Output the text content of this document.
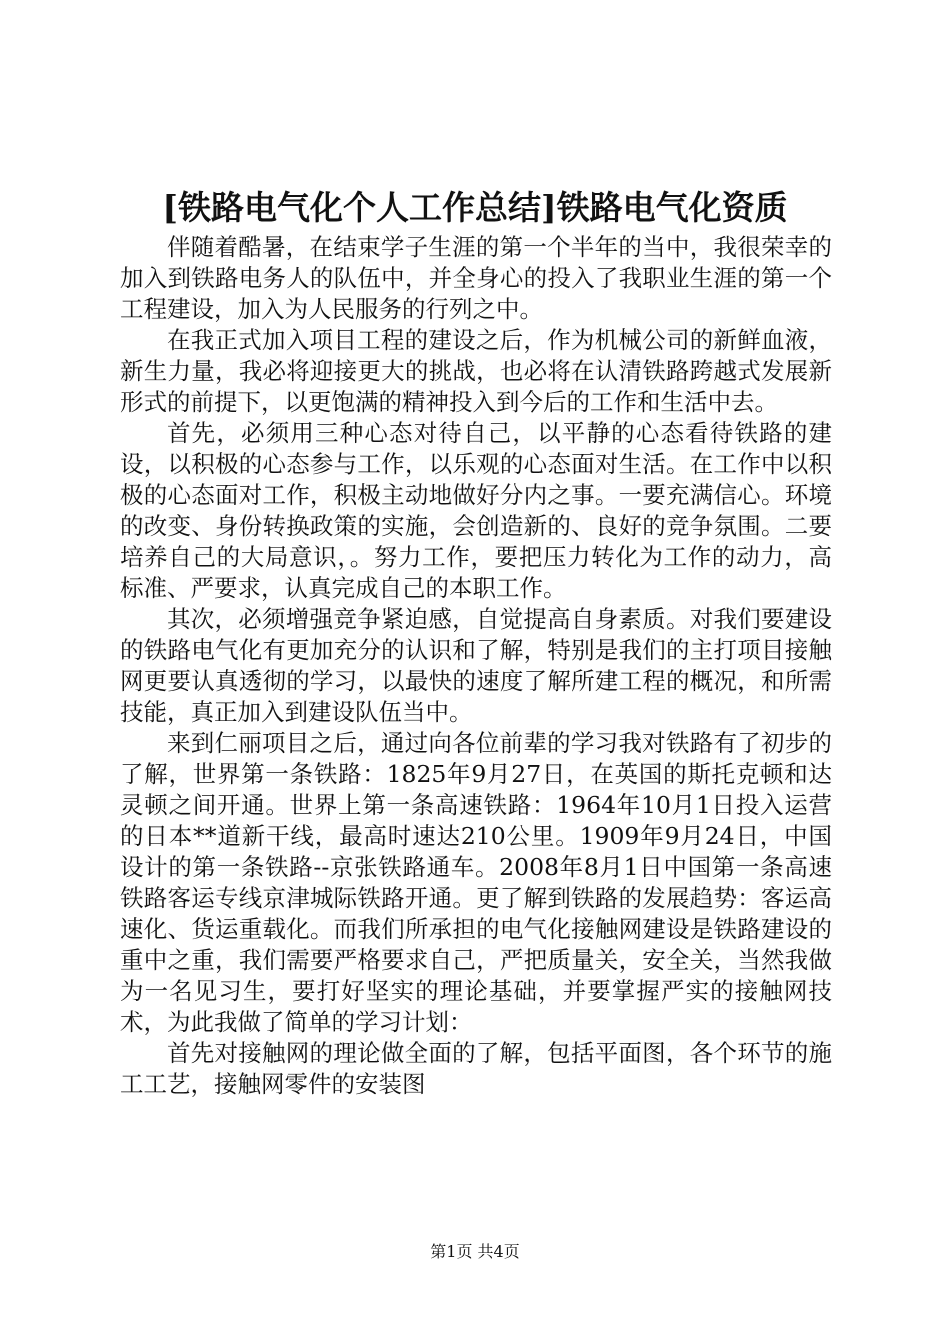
[铁路电气化个人工作总结]铁路电气化资质

伴随着酷暑，在结束学子生涯的第一个半年的当中，我很荣幸的加入到铁路电务人的队伍中，并全身心的投入了我职业生涯的第一个工程建设，加入为人民服务的行列之中。

在我正式加入项目工程的建设之后，作为机械公司的新鲜血液，新生力量，我必将迎接更大的挑战，也必将在认清铁路跨越式发展新形式的前提下，以更饱满的精神投入到今后的工作和生活中去。

首先，必须用三种心态对待自己，以平静的心态看待铁路的建设，以积极的心态参与工作，以乐观的心态面对生活。在工作中以积极的心态面对工作，积极主动地做好分内之事。一要充满信心。环境的改变、身份转换政策的实施，会创造新的、良好的竞争氛围。二要培养自己的大局意识，。努力工作，要把压力转化为工作的动力，高标准、严要求，认真完成自己的本职工作。

其次，必须增强竞争紧迫感，自觉提高自身素质。对我们要建设的铁路电气化有更加充分的认识和了解，特别是我们的主打项目接触网更要认真透彻的学习，以最快的速度了解所建工程的概况，和所需技能，真正加入到建设队伍当中。

来到仁丽项目之后，通过向各位前辈的学习我对铁路有了初步的了解，世界第一条铁路：1825年9月27日，在英国的斯托克顿和达灵顿之间开通。世界上第一条高速铁路：1964年10月1日投入运营的日本**道新干线，最高时速达210公里。1909年9月24日，中国设计的第一条铁路--京张铁路通车。2008年8月1日中国第一条高速铁路客运专线京津城际铁路开通。更了解到铁路的发展趋势：客运高速化、货运重载化。而我们所承担的电气化接触网建设是铁路建设的重中之重，我们需要严格要求自己，严把质量关，安全关，当然我做为一名见习生，要打好坚实的理论基础，并要掌握严实的接触网技术，为此我做了简单的学习计划：

首先对接触网的理论做全面的了解，包括平面图，各个环节的施工工艺，接触网零件的安装图

第1页 共4页
